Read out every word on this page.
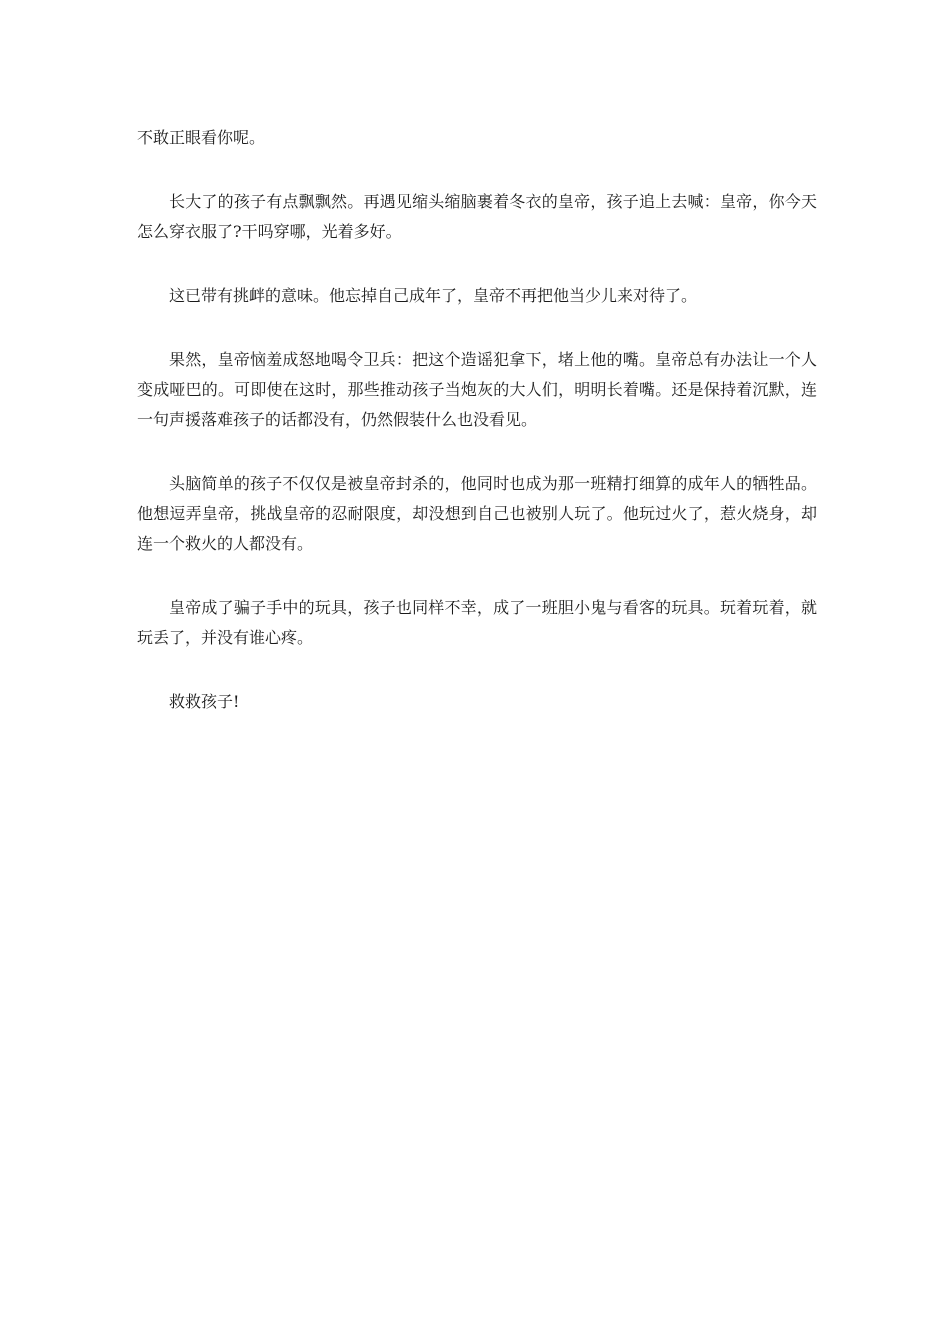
不敢正眼看你呢。

长大了的孩子有点飘飘然。再遇见缩头缩脑裹着冬衣的皇帝，孩子追上去喊：皇帝，你今天怎么穿衣服了?干吗穿哪，光着多好。

这已带有挑衅的意味。他忘掉自己成年了，皇帝不再把他当少儿来对待了。

果然，皇帝恼羞成怒地喝令卫兵：把这个造谣犯拿下，堵上他的嘴。皇帝总有办法让一个人变成哑巴的。可即使在这时，那些推动孩子当炮灰的大人们，明明长着嘴。还是保持着沉默，连一句声援落难孩子的话都没有，仍然假装什么也没看见。

头脑简单的孩子不仅仅是被皇帝封杀的，他同时也成为那一班精打细算的成年人的牺牲品。他想逗弄皇帝，挑战皇帝的忍耐限度，却没想到自己也被别人玩了。他玩过火了，惹火烧身，却连一个救火的人都没有。

皇帝成了骗子手中的玩具，孩子也同样不幸，成了一班胆小鬼与看客的玩具。玩着玩着，就玩丢了，并没有谁心疼。

救救孩子!
